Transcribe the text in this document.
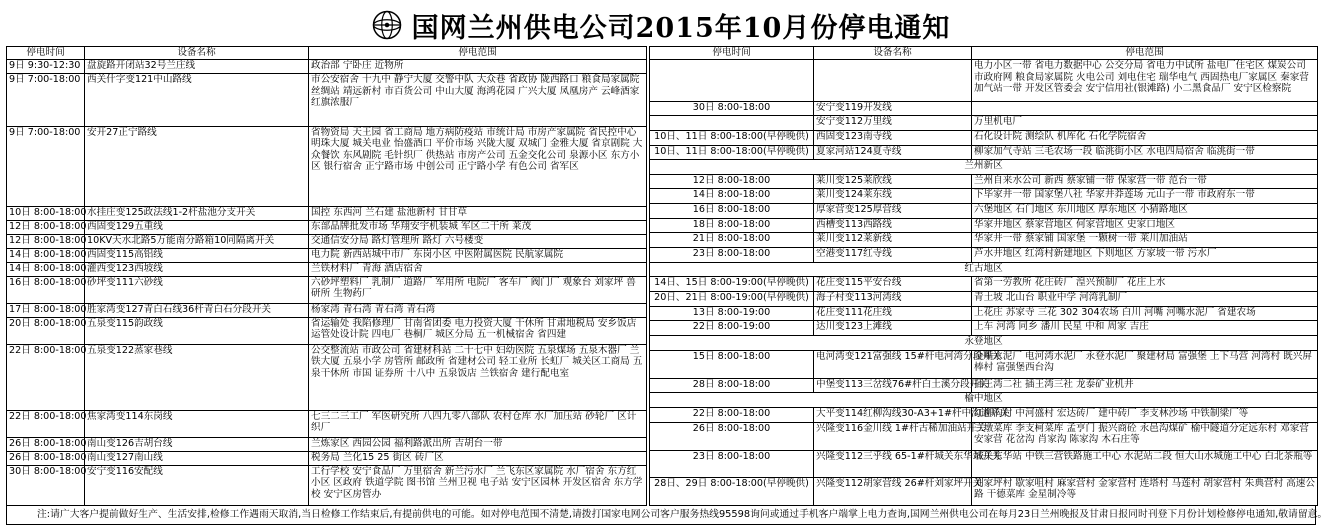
国网兰州供电公司2015年10月份停电通知
停电时间	设备名称	停电范围
9日 9:30-12:30	盘旋路开闭站32号兰庄线	政治部 宁卧庄 近物所
9日 7:00-18:00	西关什字变121中山路线	市公安宿舍 十九中 静宁大厦 交警中队 大众巷 省政协 陇西路口 粮食局家属院 丝绸站 靖远新村 市百货公司 中山大厦 海鸿花园 广兴大厦 凤凰房产 云峰酒家红旗浓服厂
9日 7:00-18:00	安开27正宁路线	省物资局 天王园 省工商局 地方病防疫站 市统计局 市房产家属院 省民控中心 明珠大厦 城关电业 怡盛酒口 平价市场 兴陇大厦 双城门 金雅大厦 省京剧院 大众餐饮 东风剧院 毛针织厂 供热站 市房产公司 五金交化公司 泉源小区 东方小区 银行宿舍 正宁路市场 中创公司 正宁路小学 有色公司 省军区
10日 8:00-18:00	水挂庄变125政法线1-2杆盐池分支开关	国控 东西河 兰石建 盐池新村 甘甘草
12日 8:00-18:00	西固变129五重线	东部品牌批发市场 华翔安宇机装城 军区二干所 莱茂
12日 8:00-18:00	10KV天水北路5万能南分路箱10同隔离开关	交通信安分局 路灯管理所 路灯 六号楼变
14日 8:00-18:00	西固变115高铝线	电力院 新西站城中市厂 东岗小区 中医附属医院 民航家属院
14日 8:00-18:00	灌西变123西坡线	兰铁材料厂 青海 酒店宿舍
16日 8:00-18:00	砂坪变111六砂线	六砂坪塑料厂 乳制厂 道路厂 军用所 电院厂 客车厂 阀门厂 观象台 刘家坪 兽研所 生物药厂
17日 8:00-18:00	胜家湾变127青白石线36杆青白石分段开关	杨家湾 青石湾 青石湾 青石湾
20日 8:00-18:00	五泉变115韵政线	省运输处 我陷修理厂 甘南省团委 电力投资大厦 干休所 甘肃地税局 安乡饭店 运管处设计院 四电厂 巷桐厂 城区分局 五一机械宿舍 省四建
22日 8:00-18:00	五泉变122蒸家巷线	公交整流站 市政公司 省建材科站 二十七中 妇幼医院 五泉煤场 五泉木器厂 兰铁大厦 五泉小学 房管所 邮政所 省建材公司 轻工业所 长虹厂 城关区工商局 五泉干休所 市国 证券所 十八中 五泉饭店 兰铁宿舍 建行配电室
22日 8:00-18:00	焦家湾变114东岗线	七三二三工厂 军医研究所 八四九零八部队 农村仓库 水厂加压站 砂轮厂 区计织厂
26日 8:00-18:00	南山变126吉胡台线	兰炼家区 西园公园 福利路派出所 吉胡台一带
26日 8:00-18:00	南山变127南山线	税务局 兰化15 25 街区 砖厂区
30日 8:00-18:00	安宁变116安配线	工行学校 安宁食品厂 万里宿舍 新兰污水厂 兰飞东区家属院 水厂宿舍 东方红小区 区政府 铁道学院 图书馆 兰州卫视 电子站 安宁区园林 开发区宿舍 东方学校 安宁区房管办
停电时间	设备名称	停电范围
		电力小区一带 省电力数据中心 公交分局 省电力中试所 盐电厂住宅区 煤炭公司 市政府网 粮食局家属院 火电公司 刘电住宅 瑞华电气 西固热电厂家属区 秦家营 加气站一带 开发区管委会 安宁信用社(银滩路) 小二黑食品厂 安宁区检察院
30日 8:00-18:00	安宁变119开发线	
	安宁变112万里线	万里机电厂
10日、11日 8:00-18:00(早停晚供)	西固变123南寺线	石化设计院 测绘队 机厍化 石化学院宿舍
10日、11日 8:00-18:00(早停晚供)	夏家河站124夏寺线	柳家加气寺站 三毛农场一段 临洮街小区 水电四局宿舍 临洮街一带
兰州新区		
12日 8:00-18:00	莱川变125莱欣线	兰州自来水公司 新西 蔡家铺一带 保家营一带 范台一带
14日 8:00-18:00	莱川变124莱东线	下毕家井一带 国家堡八社 华家井莽莲场 元山子一带 市政府东一带
16日 8:00-18:00	厚家营变125厚营线	六堡地区 石门地区 东川地区 厚东地区 小猜路地区
18日 8:00-18:00	西槽变113西路线	华家井地区 蔡家营地区 何家营地区 史家口地区
21日 8:00-18:00	莱川变112莱新线	华家井一带 蔡家铺 国家堡 一颗树一带 莱川加油站
23日 8:00-18:00	空港变117红寺线	芦水井地区 红湾村新建地区 下则地区 方家坡一带 污水厂
红古地区		
14日、15日 8:00-19:00(早停晚供)	花庄变115平安台线	省第一劳教所 花庄砖厂 湟兴预制厂 花庄上水
20日、21日 8:00-19:00(早停晚供)	海子村变113河湾线	青土坡 北山台 职业中学 河湾乳制厂
13日 8:00-19:00	花庄变111花庄线	上花庄 苏家寺 三花 302 304农场 白川 河嘴 河嘴水泥厂 省建农场
22日 8:00-19:00	达川变123上滩线	上车 河湾 同乡 潘川 民星 中和 周家 吉庄
永登地区		
15日 8:00-18:00	电河湾变121富强线 15#杆电河湾分段开关	金嘴水泥厂 电河湾水泥厂 永登水泥厂 聚建材局 富强堡 上下马营 河湾村 既兴屏棒村 富强堡西台沟
28日 8:00-18:00	中堡变113三岔线76#杆白土溪分段开关	插王湾二社 插王湾三社 龙泰矿业机井
榆中地区		
22日 8:00-18:00	大平变114红柳沟线30-A3+1#杆中沟道开关	红柳沟村 中河盛村 宏达砖厂 建中砖厂 李支林沙场 中铁制梁厂等
26日 8:00-18:00	兴隆变116金川线 1#杆古稀加油站开关	三墩菜库 李支柯菜库 孟亨门 振兴商砼 永邑沟煤矿 榆中隧道分定远东村 邓家营 安家营 花岔沟 肖家沟 陈家沟 木石庄等
23日 8:00-18:00	兴隆变112三乎线 65-1#杆城关东华站开关	城关东华站 中铁三营铁路施工中心 水泥站二段 恒大山水城施工中心 白北茶瓶等
28日、29日 8:00-18:00(早停晚供)	兴隆变112胡家营线 26#杆刘家坪开关	刘家坪村 歇家咀村 麻家营村 金家营村 连塔村 马莲村 胡家营村 朱典营村 高速公路 干德菜库 金星制冷等
注:请广大客户提前做好生产、生活安排,检修工作遇雨天取消,当日检修工作结束后,有提前供电的可能。如对停电范围不清楚,请拨打国家电网公司客户服务热线95598询问或通过手机客户端掌上电力查询,国网兰州供电公司在每月23日兰州晚报及甘肃日报同时刊登下月份计划检修停电通知,敬请留意。
